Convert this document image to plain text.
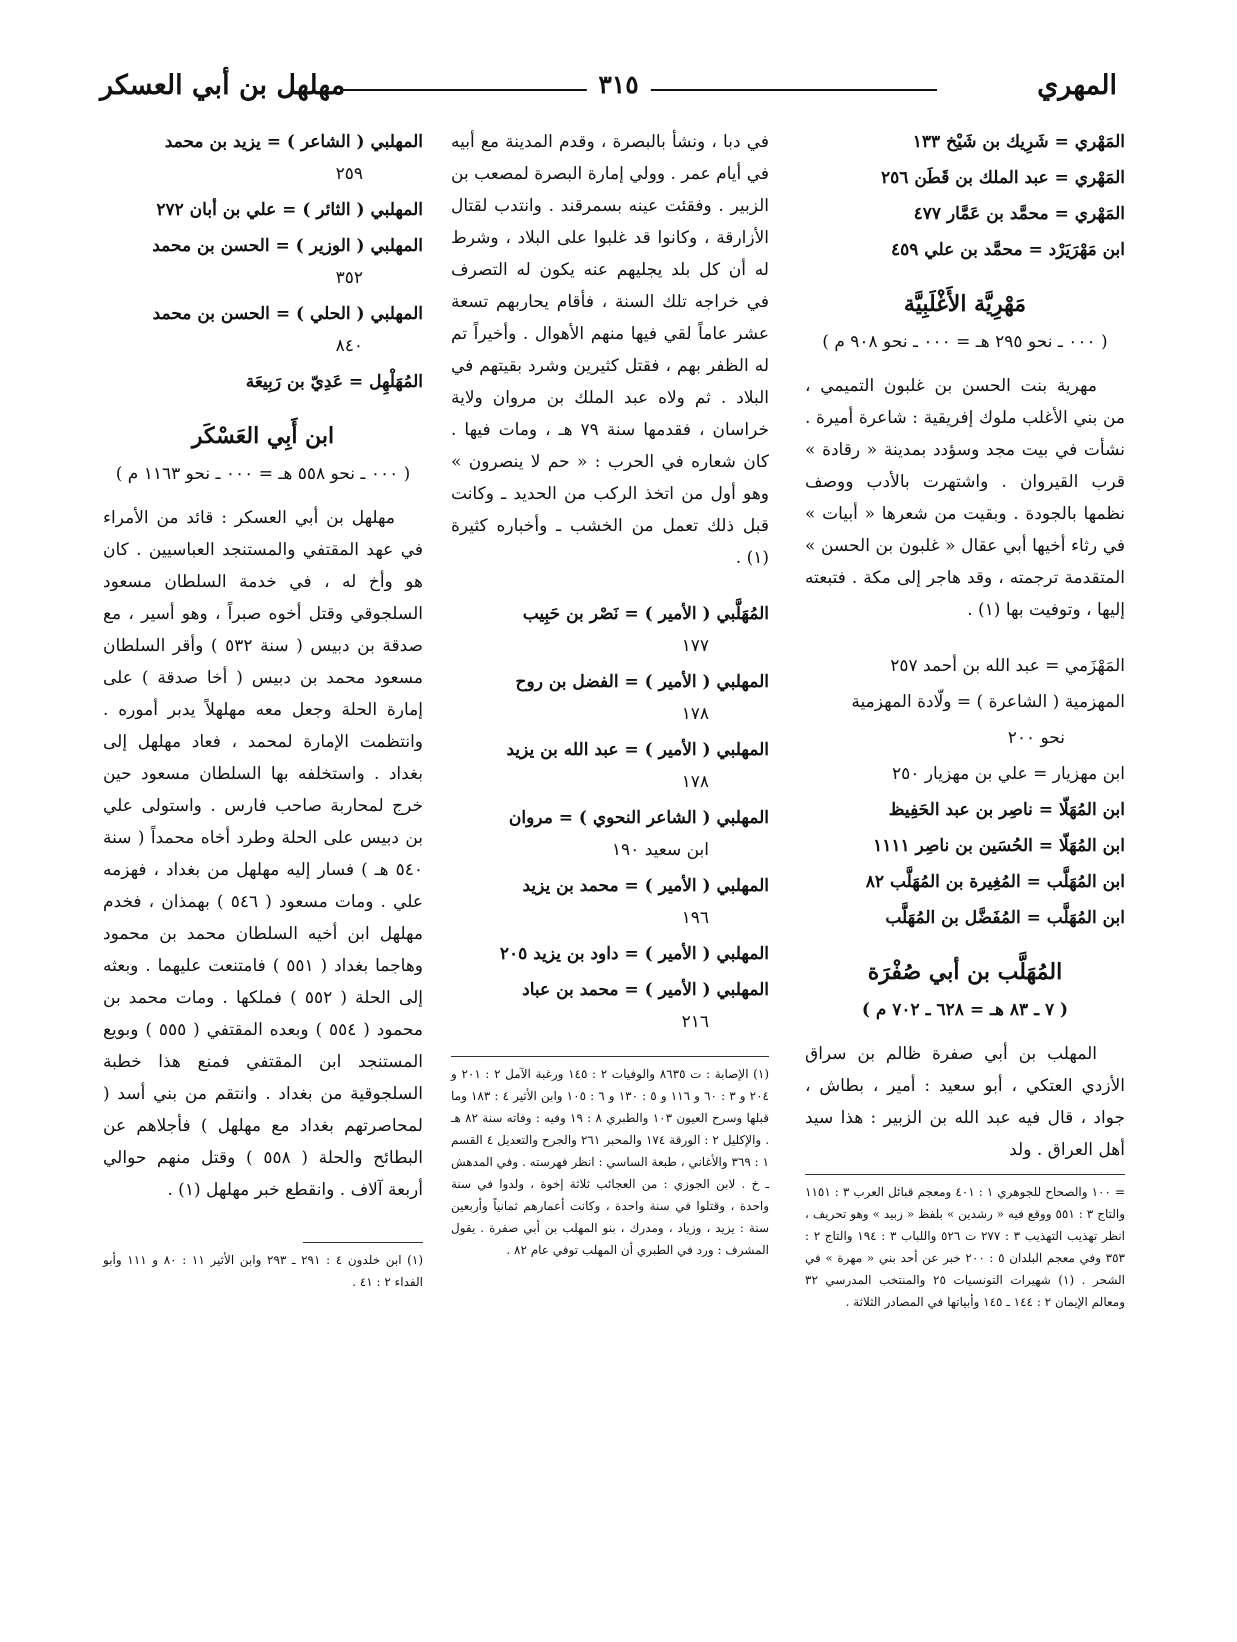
المهري
٣١٥
مهلهل بن أبي العسكر
المَهْري = شَرِيك بن شَيْخ ١٣٣
المَهْري = عبد الملك بن قَطَن ٢٥٦
المَهْري = محمَّد بن عَمَّار ٤٧٧
ابن مَهْرَيَرْد = محمَّد بن علي ٤٥٩
مَهْرِيَّة الأَغْلَبِيَّة
( ٠٠٠ ـ نحو ٢٩٥ هـ = ٠٠٠ ـ نحو ٩٠٨ م )
مهرية بنت الحسن بن غلبون التميمي ، من بني الأغلب ملوك إفريقية : شاعرة أميرة . نشأت في بيت مجد وسؤدد بمدينة « رقادة » قرب القيروان . واشتهرت بالأدب ووصف نظمها بالجودة . وبقيت من شعرها « أبيات » في رثاء أخيها أبي عقال « غلبون بن الحسن » المتقدمة ترجمته ، وقد هاجر إلى مكة . فتبعته إليها ، وتوفيت بها (١) .
المَهْزَمي = عبد الله بن أحمد ٢٥٧
المهزمية ( الشاعرة ) = ولّادة المهزمية
نحو ٢٠٠
ابن مهزيار = علي بن مهزيار ٢٥٠
ابن المُهَلّا = ناصِر بن عبد الحَفِيظ
ابن المُهَلّا = الحُسَين بن ناصِر ١١١١
ابن المُهَلَّب = المُغِيرة بن المُهَلَّب ٨٢
ابن المُهَلَّب = المُفَضَّل بن المُهَلَّب
المُهَلَّب بن أبي صُفْرَة
( ٧ ـ ٨٣ هـ = ٦٢٨ ـ ٧٠٢ م )
المهلب بن أبي صفرة ظالم بن سراق الأزدي العتكي ، أبو سعيد : أمير ، بطاش ، جواد ، قال فيه عبد الله بن الزبير : هذا سيد أهل العراق . ولد
= ١٠٠ والصحاح للجوهري ١ : ٤٠١ ومعجم قبائل العرب ٣ : ١١٥١ والتاج ٣ : ٥٥١ ووقع فيه « رشدين » بلفظ « زبيد » وهو تحريف ، انظر تهذيب التهذيب ٣ : ٢٧٧ ت ٥٢٦ واللباب ٣ : ١٩٤ والتاج ٢ : ٣٥٣ وفي معجم البلدان ٥ : ٢٠٠ خبر عن أحد بني « مهرة » في الشحر . (١) شهيرات التونسيات ٢٥ والمنتخب المدرسي ٣٢ ومعالم الإيمان ٢ : ١٤٤ ـ ١٤٥ وأبياتها في المصادر الثلاثة .
في دبا ، ونشأ بالبصرة ، وقدم المدينة مع أبيه في أيام عمر . وولي إمارة البصرة لمصعب بن الزبير . وفقئت عينه بسمرقند . وانتدب لقتال الأزارقة ، وكانوا قد غلبوا على البلاد ، وشرط له أن كل بلد يجليهم عنه يكون له التصرف في خراجه تلك السنة ، فأقام يحاربهم تسعة عشر عاماً لقي فيها منهم الأهوال . وأخيراً تم له الظفر بهم ، فقتل كثيرين وشرد بقيتهم في البلاد . ثم ولاه عبد الملك بن مروان ولاية خراسان ، فقدمها سنة ٧٩ هـ ، ومات فيها . كان شعاره في الحرب : « حم لا ينصرون » وهو أول من اتخذ الركب من الحديد ـ وكانت قبل ذلك تعمل من الخشب ـ وأخباره كثيرة (١) .
المُهَلَّبي ( الأمير ) = نَصْر بن حَبِيب
١٧٧
المهلبي ( الأمير ) = الفضل بن روح
١٧٨
المهلبي ( الأمير ) = عبد الله بن يزيد
١٧٨
المهلبي ( الشاعر النحوي ) = مروان
ابن سعيد ١٩٠
المهلبي ( الأمير ) = محمد بن يزيد
١٩٦
المهلبي ( الأمير ) = داود بن يزيد ٢٠٥
المهلبي ( الأمير ) = محمد بن عباد
٢١٦
(١) الإصابة : ت ٨٦٣٥ والوفيات ٢ : ١٤٥ ورغبة الآمل ٢ : ٢٠١ و ٢٠٤ و ٣ : ٦٠ و ١١٦ و ٥ : ١٣٠ و ٦ : ١٠٥ وابن الأثير ٤ : ١٨٣ وما قبلها وسرح العيون ١٠٣ والطبري ٨ : ١٩ وفيه : وفاته سنة ٨٢ هـ . والإكليل ٢ : الورقة ١٧٤ والمحبر ٢٦١ والجرح والتعديل ٤ القسم ١ : ٣٦٩ والأغاني ، طبعة الساسي : انظر فهرسته . وفي المدهش ـ خ . لابن الجوزي : من العجائب ثلاثة إخوة ، ولدوا في سنة واحدة ، وقتلوا في سنة واحدة ، وكانت أعمارهم ثمانياً وأربعين سنة : يزيد ، وزياد ، ومدرك ، بنو المهلب بن أبي صفرة . يقول المشرف : ورد في الطبري أن المهلب توفي عام ٨٢ .
المهلبي ( الشاعر ) = يزيد بن محمد
٢٥٩
المهلبي ( الثائر ) = علي بن أبان ٢٧٢
المهلبي ( الوزير ) = الحسن بن محمد
٣٥٢
المهلبي ( الحلي ) = الحسن بن محمد
٨٤٠
المُهَلْهِل = عَدِيّ بن رَبِيعَة
ابن أَبِي العَسْكَر
( ٠٠٠ ـ نحو ٥٥٨ هـ = ٠٠٠ ـ نحو ١١٦٣ م )
مهلهل بن أبي العسكر : قائد من الأمراء في عهد المقتفي والمستنجد العباسيين . كان هو وأخ له ، في خدمة السلطان مسعود السلجوقي وقتل أخوه صبراً ، وهو أسير ، مع صدقة بن دبيس ( سنة ٥٣٢ ) وأقر السلطان مسعود محمد بن دبيس ( أخا صدقة ) على إمارة الحلة وجعل معه مهلهلاً يدبر أموره . وانتظمت الإمارة لمحمد ، فعاد مهلهل إلى بغداد . واستخلفه بها السلطان مسعود حين خرج لمحاربة صاحب فارس . واستولى علي بن دبيس على الحلة وطرد أخاه محمداً ( سنة ٥٤٠ هـ ) فسار إليه مهلهل من بغداد ، فهزمه علي . ومات مسعود ( ٥٤٦ ) بهمذان ، فخدم مهلهل ابن أخيه السلطان محمد بن محمود وهاجما بغداد ( ٥٥١ ) فامتنعت عليهما . وبعثه إلى الحلة ( ٥٥٢ ) فملكها . ومات محمد بن محمود ( ٥٥٤ ) وبعده المقتفي ( ٥٥٥ ) وبويع المستنجد ابن المقتفي فمنع هذا خطبة السلجوقية من بغداد . وانتقم من بني أسد ( لمحاصرتهم بغداد مع مهلهل ) فأجلاهم عن البطائح والحلة ( ٥٥٨ ) وقتل منهم حوالي أربعة آلاف . وانقطع خبر مهلهل (١) .
(١) ابن خلدون ٤ : ٢٩١ ـ ٢٩٣ وابن الأثير ١١ : ٨٠ و ١١١ وأبو الفداء ٢ : ٤١ .
